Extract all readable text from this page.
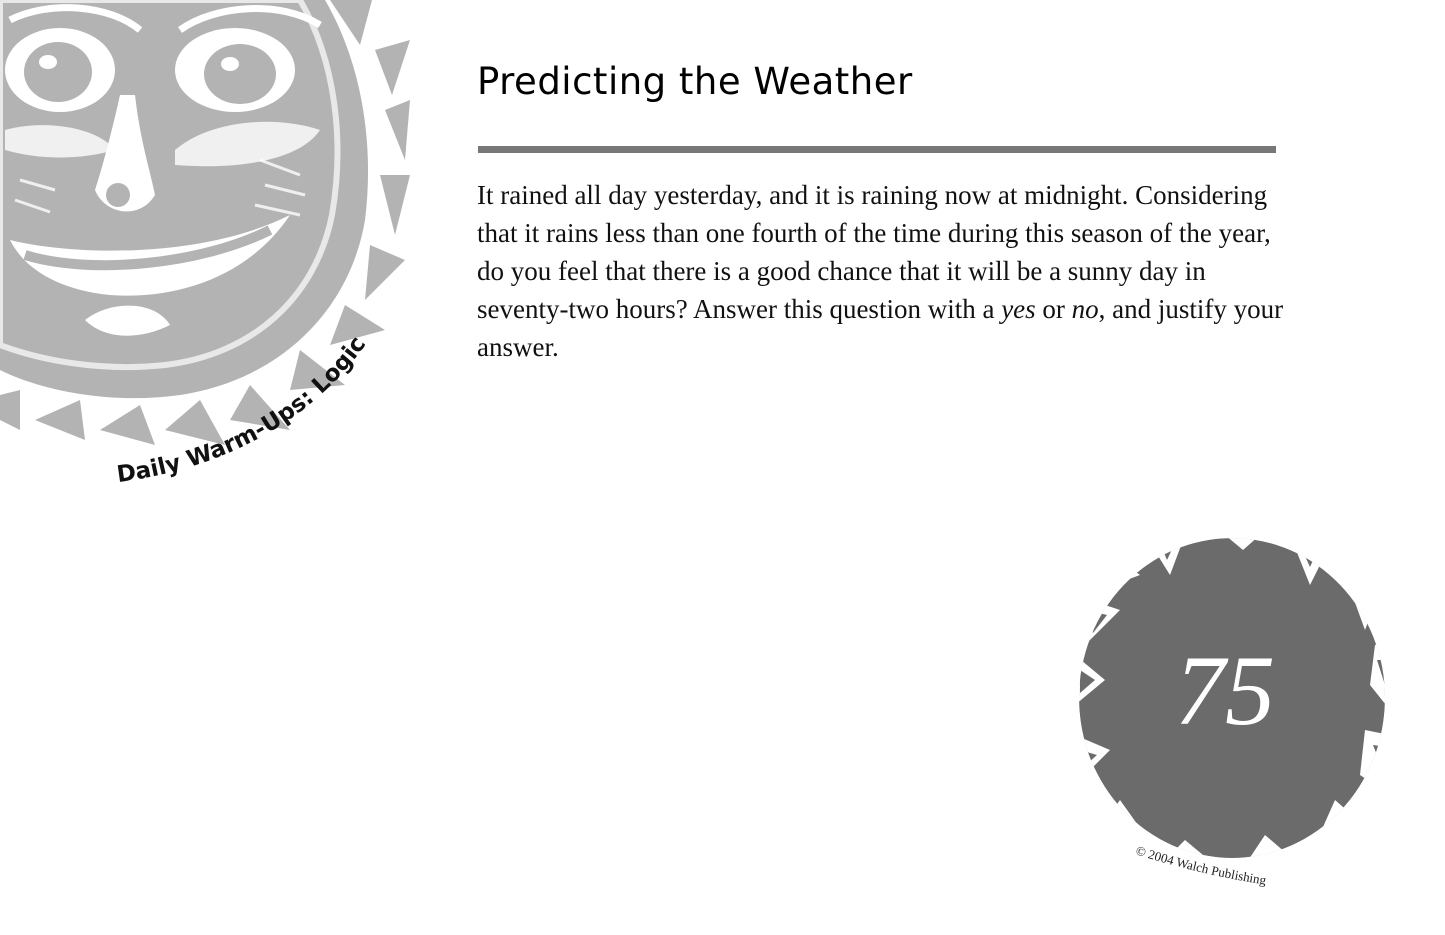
Daily Warm-Ups: Logic
Predicting the Weather

It rained all day yesterday, and it is raining now at midnight. Considering that it rains less than one fourth of the time during this season of the year, do you feel that there is a good chance that it will be a sunny day in seventy-two hours? Answer this question with a yes or no, and justify your answer.

75
© 2004 Walch Publishing
